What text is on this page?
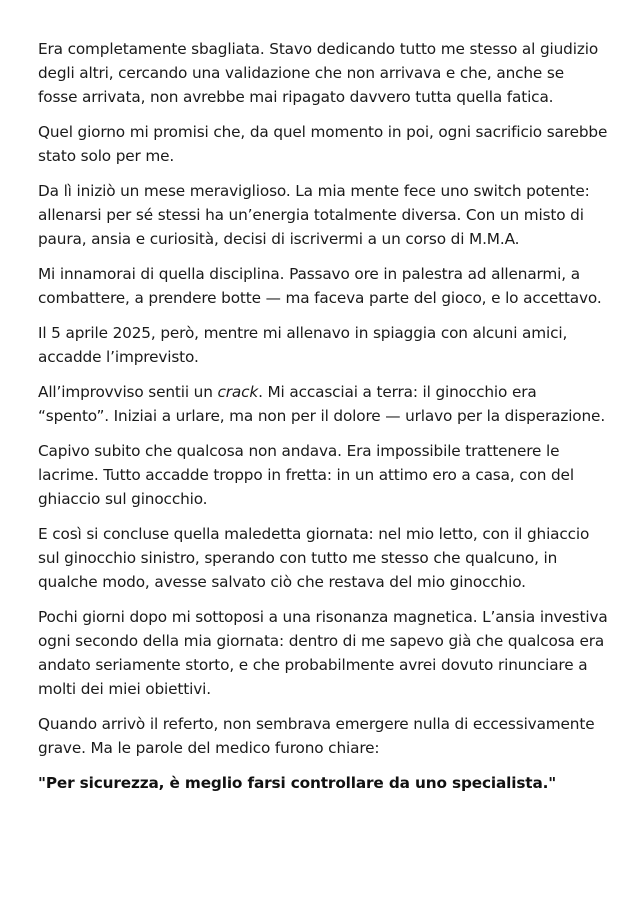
Era completamente sbagliata. Stavo dedicando tutto me stesso al giudizio degli altri, cercando una validazione che non arrivava e che, anche se fosse arrivata, non avrebbe mai ripagato davvero tutta quella fatica.

Quel giorno mi promisi che, da quel momento in poi, ogni sacrificio sarebbe stato solo per me.

Da lì iniziò un mese meraviglioso. La mia mente fece uno switch potente: allenarsi per sé stessi ha un’energia totalmente diversa. Con un misto di paura, ansia e curiosità, decisi di iscrivermi a un corso di M.M.A.

Mi innamorai di quella disciplina. Passavo ore in palestra ad allenarmi, a combattere, a prendere botte — ma faceva parte del gioco, e lo accettavo.

Il 5 aprile 2025, però, mentre mi allenavo in spiaggia con alcuni amici, accadde l’imprevisto.

All’improvviso sentii un crack. Mi accasciai a terra: il ginocchio era “spento”. Iniziai a urlare, ma non per il dolore — urlavo per la disperazione.

Capivo subito che qualcosa non andava. Era impossibile trattenere le lacrime. Tutto accadde troppo in fretta: in un attimo ero a casa, con del ghiaccio sul ginocchio.

E così si concluse quella maledetta giornata: nel mio letto, con il ghiaccio sul ginocchio sinistro, sperando con tutto me stesso che qualcuno, in qualche modo, avesse salvato ciò che restava del mio ginocchio.

Pochi giorni dopo mi sottoposi a una risonanza magnetica. L’ansia investiva ogni secondo della mia giornata: dentro di me sapevo già che qualcosa era andato seriamente storto, e che probabilmente avrei dovuto rinunciare a molti dei miei obiettivi.

Quando arrivò il referto, non sembrava emergere nulla di eccessivamente grave. Ma le parole del medico furono chiare:

"Per sicurezza, è meglio farsi controllare da uno specialista."
